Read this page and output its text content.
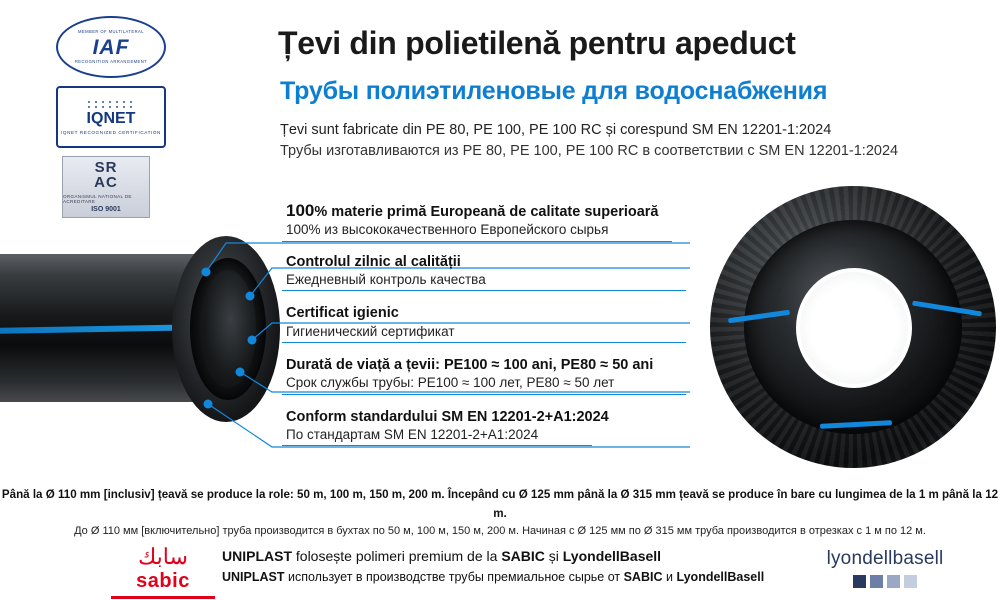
MEMBER OF MULTILATERAL
IAF
RECOGNITION ARRANGEMENT
IQNET
IQNET RECOGNIZED CERTIFICATION
SR
AC
ORGANISMUL NATIONAL DE ACREDITARE
ISO 9001
Țevi din polietilenă pentru apeduct
Трубы полиэтиленовые для водоснабжения
Țevi sunt fabricate din PE 80, PE 100, PE 100 RC și corespund SM EN 12201-1:2024
Трубы изготавливаются из PE 80, PE 100, PE 100 RC в соответствии с SM EN 12201-1:2024
100% materie primă Europeană de calitate superioară
100% из высококачественного Европейского сырья
Controlul zilnic al calității
Ежедневный контроль качества
Certificat igienic
Гигиенический сертификат
Durată de viață a țevii: PE100 ≈ 100 ani, PE80 ≈ 50 ani
Срок службы трубы: PE100 ≈ 100 лет, PE80 ≈ 50 лет
Conform standardului SM EN 12201-2+A1:2024
По стандартам SM EN 12201-2+A1:2024
Până la Ø 110 mm [inclusiv] țeavă se produce la role: 50 m, 100 m, 150 m, 200 m. Începând cu Ø 125 mm până la Ø 315 mm țeavă se produce în bare cu lungimea de la 1 m până la 12 m.
До Ø 110 мм [включительно] труба производится в бухтах по 50 м, 100 м, 150 м, 200 м. Начиная с Ø 125 мм по Ø 315 мм труба производится в отрезках с 1 м по 12 м.
سابك
sabic
UNIPLAST folosește polimeri premium de la SABIC și LyondellBasell
UNIPLAST использует в производстве трубы премиальное сырье от SABIC и LyondellBasell
lyondellbasell
